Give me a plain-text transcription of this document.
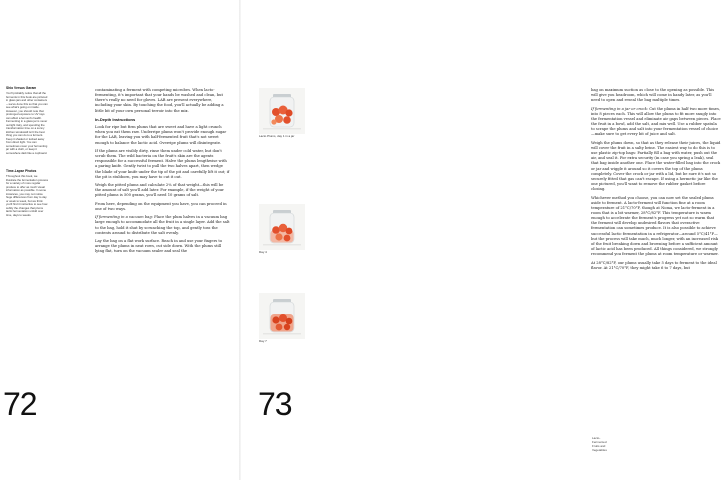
Shio Versus Garam
You'll probably notice that all the ferments in this book are pictured in glass jars and other containers—we've done this so that you can see what's going on inside. However, you should note that prolonged exposure to UV rays can affect a ferment's health. Fermenting in a glass jar is never outright risky, and spending the transformation time on a sunny kitchen windowsill isn't the best thing you can do to a ferment. Keep it shaded or tucked away from direct light. You can sometimes cover your fermenting jar with a cloth, or keep it somewhere dark like a cupboard.
Time-Lapse Photos
Throughout this book, we illustrate the fermentation process for a variety of more regular produce to offer as much visual information as possible. In some instances, you may not notice huge differences from day to day or week to week, but we think you'll find it instructive to see how subtly the changes that plums lactic fermentation unfold over time, days to weeks.

contaminating a ferment with competing microbes. When lacto-fermenting, it's important that your hands be washed and clean, but there's really no need for gloves. LAB are present everywhere, including your skin. By touching the food, you'll actually be adding a little bit of your own personal terroir into the mix.

In-Depth Instructions

Look for ripe but firm plums that are sweet and have a light crunch when you eat them raw. Underripe plums won't provide enough sugar for the LAB, leaving you with half-fermented fruit that's not sweet enough to balance the lactic acid. Overripe plums will disintegrate.

If the plums are visibly dirty, rinse them under cold water, but don't scrub them. The wild bacteria on the fruit's skin are the agents responsible for a successful ferment. Halve the plums lengthwise with a paring knife. Gently twist to pull the two halves apart, then wedge the blade of your knife under the tip of the pit and carefully lift it out; if the pit is stubborn, you may have to cut it out.

Weigh the pitted plums and calculate 2% of that weight—this will be the amount of salt you'll add later. For example, if the weight of your pitted plums is 500 grams, you'll need 10 grams of salt.

From here, depending on the equipment you have, you can proceed in one of two ways.

If fermenting in a vacuum bag: Place the plum halves in a vacuum bag large enough to accommodate all the fruit in a single layer. Add the salt to the bag, hold it shut by scrunching the top, and gently toss the contents around to distribute the salt evenly.

Lay the bag on a flat work surface. Reach in and use your fingers to arrange the plums in neat rows, cut side down. With the plums still lying flat, turn on the vacuum sealer and seal the

72

bag on maximum suction as close to the opening as possible. This will give you headroom, which will come in handy later, as you'll need to open and reseal the bag multiple times.

If fermenting in a jar or crock: Cut the plums in half two more times, into 8 pieces each. This will allow the plums to fit more snugly into the fermentation vessel and eliminate air gaps between pieces. Place the fruit in a bowl, add the salt, and mix well. Use a rubber spatula to scrape the plums and salt into your fermentation vessel of choice—make sure to get every bit of juice and salt.

Weigh the plums down, so that as they release their juices, the liquid will cover the fruit in a salty brine. The easiest way to do this is to use plastic zip-top bags: Partially fill a bag with water, push out the air, and seal it. For extra security (in case you spring a leak), seal that bag inside another one. Place the water-filled bag into the crock or jar and wiggle it around so it covers the top of the plums completely. Cover the crock or jar with a lid, but be sure it's not so securely fitted that gas can't escape. If using a hermetic jar like the one pictured, you'll want to remove the rubber gasket before closing.

Whichever method you choose, you can now set the sealed plums aside to ferment. A lacto-ferment will function fine at a room temperature of 21°C/70°F, though at Noma, we lacto-ferment in a room that is a bit warmer, 28°C/82°F. This temperature is warm enough to accelerate the ferment's progress yet not so warm that the ferment will develop undesired flavors that overactive fermentation can sometimes produce. It is also possible to achieve successful lactic fermentation in a refrigerator—around 5°C/41°F—but the process will take much, much longer, with an increased risk of the fruit breaking down and browning before a sufficient amount of lactic acid has been produced. All things considered, we strongly recommend you ferment the plums at room temperature or warmer.

At 28°C/82°F, our plums usually take 5 days to ferment to the ideal flavor. At 21°C/70°F, they might take 6 to 7 days, but

Lacto-Fermented Fruits and Vegetables
Lacto Plums, day 1 in a jar
Day 4
Day 7
73
